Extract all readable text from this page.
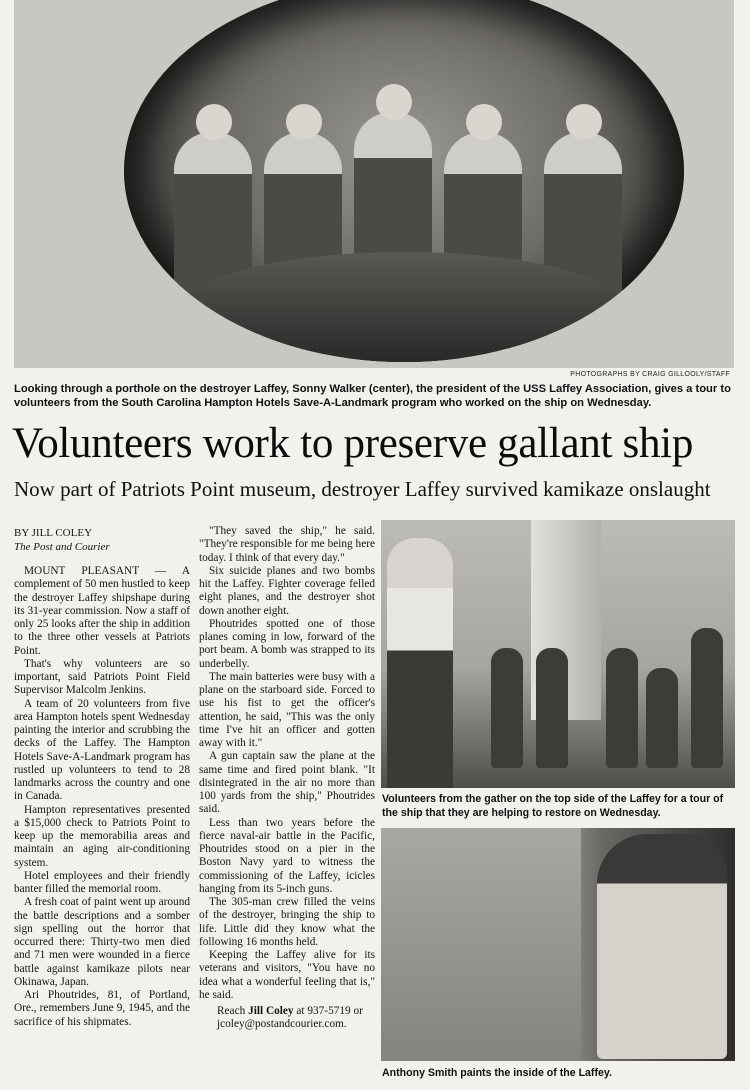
PHOTOGRAPHS BY CRAIG GILLOOLY/STAFF
Looking through a porthole on the destroyer Laffey, Sonny Walker (center), the president of the USS Laffey Association, gives a tour to volunteers from the South Carolina Hampton Hotels Save-A-Landmark program who worked on the ship on Wednesday.
Volunteers work to preserve gallant ship
Now part of Patriots Point museum, destroyer Laffey survived kamikaze onslaught
BY JILL COLEY
The Post and Courier

MOUNT PLEASANT — A complement of 50 men hustled to keep the destroyer Laffey shipshape during its 31-year commission. Now a staff of only 25 looks after the ship in addition to the three other vessels at Patriots Point.

That's why volunteers are so important, said Patriots Point Field Supervisor Malcolm Jenkins.

A team of 20 volunteers from five area Hampton hotels spent Wednesday painting the interior and scrubbing the decks of the Laffey. The Hampton Hotels Save-A-Landmark program has rustled up volunteers to tend to 28 landmarks across the country and one in Canada.

Hampton representatives presented a $15,000 check to Patriots Point to keep up the memorabilia areas and maintain an aging air-conditioning system.

Hotel employees and their friendly banter filled the memorial room.

A fresh coat of paint went up around the battle descriptions and a somber sign spelling out the horror that occurred there: Thirty-two men died and 71 men were wounded in a fierce battle against kamikaze pilots near Okinawa, Japan.

Ari Phoutrides, 81, of Portland, Ore., remembers June 9, 1945, and the sacrifice of his shipmates.

"They saved the ship," he said. "They're responsible for me being here today. I think of that every day."

Six suicide planes and two bombs hit the Laffey. Fighter coverage felled eight planes, and the destroyer shot down another eight.

Phoutrides spotted one of those planes coming in low, forward of the port beam. A bomb was strapped to its underbelly.

The main batteries were busy with a plane on the starboard side. Forced to use his fist to get the officer's attention, he said, "This was the only time I've hit an officer and gotten away with it."

A gun captain saw the plane at the same time and fired point blank. "It disintegrated in the air no more than 100 yards from the ship," Phoutrides said.

Less than two years before the fierce naval-air battle in the Pacific, Phoutrides stood on a pier in the Boston Navy yard to witness the commissioning of the Laffey, icicles hanging from its 5-inch guns.

The 305-man crew filled the veins of the destroyer, bringing the ship to life. Little did they know what the following 16 months held.

Keeping the Laffey alive for its veterans and visitors, "You have no idea what a wonderful feeling that is," he said.

Reach Jill Coley at 937-5719 or
jcoley@postandcourier.com.

Volunteers from the gather on the top side of the Laffey for a tour of the ship that they are helping to restore on Wednesday.
Anthony Smith paints the inside of the Laffey.
